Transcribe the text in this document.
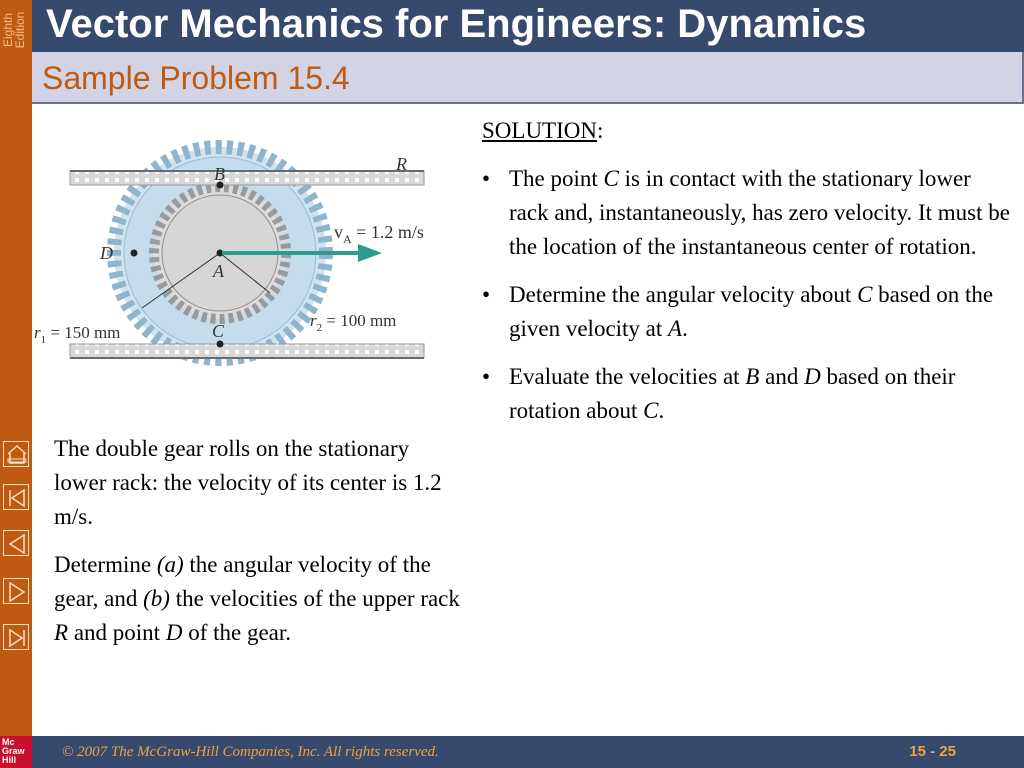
Eighth Edition Vector Mechanics for Engineers: Dynamics
Sample Problem 15.4
B	R
D
A
C
$v_A = 1.2$ m/s
$r_1 = 150$ mm
$r_2 = 100$ mm

The double gear rolls on the stationary lower rack: the velocity of its center is 1.2 m/s.

Determine (a) the angular velocity of the gear, and (b) the velocities of the upper rack R and point D of the gear.

SOLUTION:

• The point C is in contact with the stationary lower rack and, instantaneously, has zero velocity. It must be the location of the instantaneous center of rotation.
• Determine the angular velocity about C based on the given velocity at A.
• Evaluate the velocities at B and D based on their rotation about C.
Mc Graw Hill	© 2007 The McGraw-Hill Companies, Inc. All rights reserved.	15 - 25
